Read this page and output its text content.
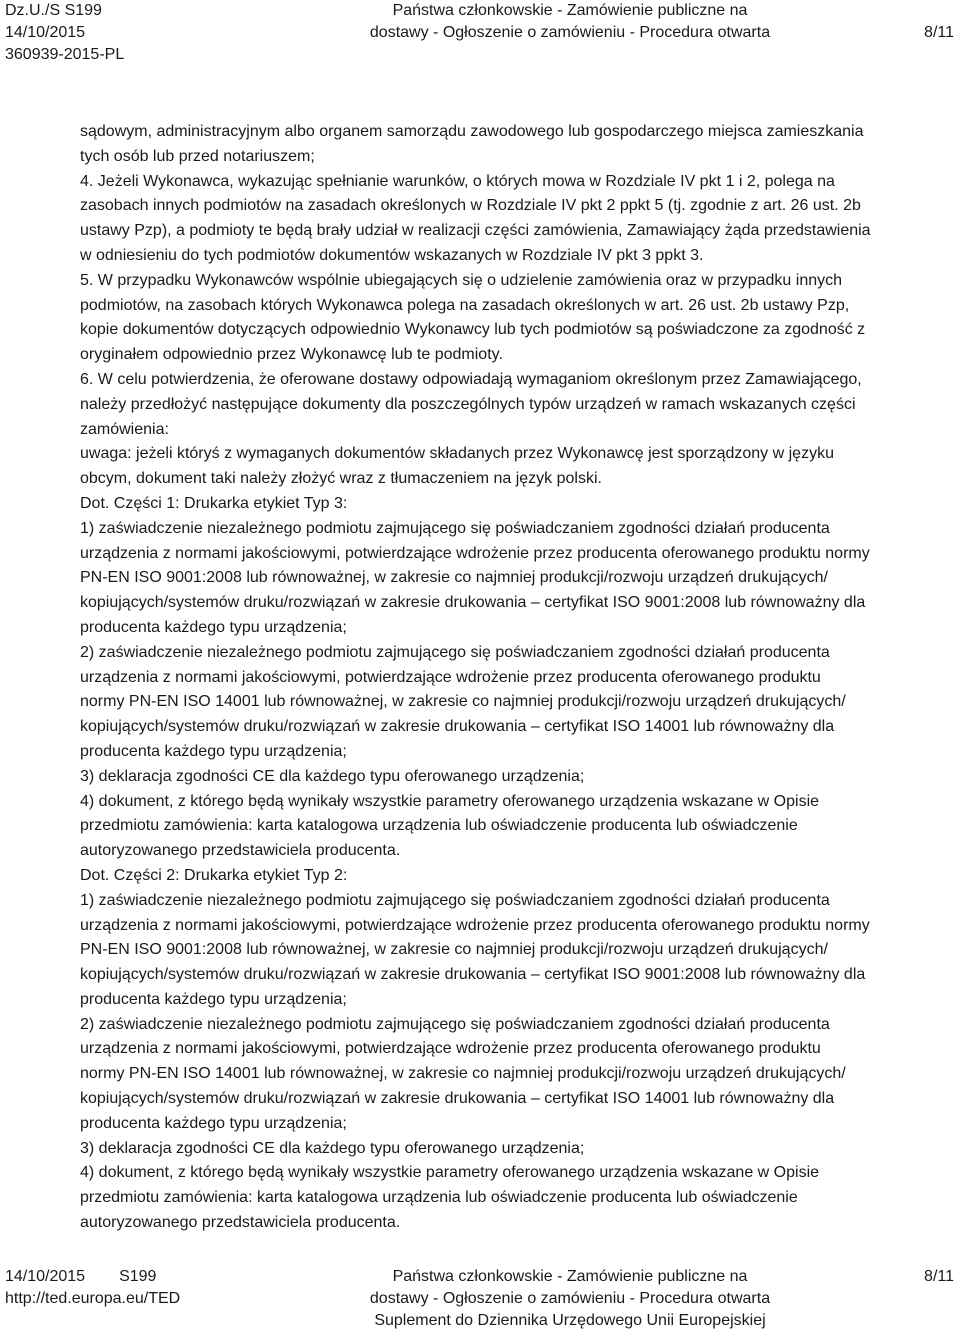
Dz.U./S S199
14/10/2015
360939-2015-PL
Państwa członkowskie - Zamówienie publiczne na
dostawy - Ogłoszenie o zamówieniu - Procedura otwarta
	8/11

sądowym, administracyjnym albo organem samorządu zawodowego lub gospodarczego miejsca zamieszkania

tych osób lub przed notariuszem;

4. Jeżeli Wykonawca, wykazując spełnianie warunków, o których mowa w Rozdziale IV pkt 1 i 2, polega na

zasobach innych podmiotów na zasadach określonych w Rozdziale IV pkt 2 ppkt 5 (tj. zgodnie z art. 26 ust. 2b

ustawy Pzp), a podmioty te będą brały udział w realizacji części zamówienia, Zamawiający żąda przedstawienia

w odniesieniu do tych podmiotów dokumentów wskazanych w Rozdziale IV pkt 3 ppkt 3.

5. W przypadku Wykonawców wspólnie ubiegających się o udzielenie zamówienia oraz w przypadku innych

podmiotów, na zasobach których Wykonawca polega na zasadach określonych w art. 26 ust. 2b ustawy Pzp,

kopie dokumentów dotyczących odpowiednio Wykonawcy lub tych podmiotów są poświadczone za zgodność z

oryginałem odpowiednio przez Wykonawcę lub te podmioty.

6. W celu potwierdzenia, że oferowane dostawy odpowiadają wymaganiom określonym przez Zamawiającego,

należy przedłożyć następujące dokumenty dla poszczególnych typów urządzeń w ramach wskazanych części

zamówienia:

uwaga: jeżeli któryś z wymaganych dokumentów składanych przez Wykonawcę jest sporządzony w języku

obcym, dokument taki należy złożyć wraz z tłumaczeniem na język polski.

Dot. Części 1: Drukarka etykiet Typ 3:

1) zaświadczenie niezależnego podmiotu zajmującego się poświadczaniem zgodności działań producenta

urządzenia z normami jakościowymi, potwierdzające wdrożenie przez producenta oferowanego produktu normy

PN-EN ISO 9001:2008 lub równoważnej, w zakresie co najmniej produkcji/rozwoju urządzeń drukujących/

kopiujących/systemów druku/rozwiązań w zakresie drukowania – certyfikat ISO 9001:2008 lub równoważny dla

producenta każdego typu urządzenia;

2) zaświadczenie niezależnego podmiotu zajmującego się poświadczaniem zgodności działań producenta

urządzenia z normami jakościowymi, potwierdzające wdrożenie przez producenta oferowanego produktu

normy PN-EN ISO 14001 lub równoważnej, w zakresie co najmniej produkcji/rozwoju urządzeń drukujących/

kopiujących/systemów druku/rozwiązań w zakresie drukowania – certyfikat ISO 14001 lub równoważny dla

producenta każdego typu urządzenia;

3) deklaracja zgodności CE dla każdego typu oferowanego urządzenia;

4) dokument, z którego będą wynikały wszystkie parametry oferowanego urządzenia wskazane w Opisie

przedmiotu zamówienia: karta katalogowa urządzenia lub oświadczenie producenta lub oświadczenie

autoryzowanego przedstawiciela producenta.

Dot. Części 2: Drukarka etykiet Typ 2:

1) zaświadczenie niezależnego podmiotu zajmującego się poświadczaniem zgodności działań producenta

urządzenia z normami jakościowymi, potwierdzające wdrożenie przez producenta oferowanego produktu normy

PN-EN ISO 9001:2008 lub równoważnej, w zakresie co najmniej produkcji/rozwoju urządzeń drukujących/

kopiujących/systemów druku/rozwiązań w zakresie drukowania – certyfikat ISO 9001:2008 lub równoważny dla

producenta każdego typu urządzenia;

2) zaświadczenie niezależnego podmiotu zajmującego się poświadczaniem zgodności działań producenta

urządzenia z normami jakościowymi, potwierdzające wdrożenie przez producenta oferowanego produktu

normy PN-EN ISO 14001 lub równoważnej, w zakresie co najmniej produkcji/rozwoju urządzeń drukujących/

kopiujących/systemów druku/rozwiązań w zakresie drukowania – certyfikat ISO 14001 lub równoważny dla

producenta każdego typu urządzenia;

3) deklaracja zgodności CE dla każdego typu oferowanego urządzenia;

4) dokument, z którego będą wynikały wszystkie parametry oferowanego urządzenia wskazane w Opisie

przedmiotu zamówienia: karta katalogowa urządzenia lub oświadczenie producenta lub oświadczenie

autoryzowanego przedstawiciela producenta.

14/10/2015 S199
http://ted.europa.eu/TED
Państwa członkowskie - Zamówienie publiczne na
dostawy - Ogłoszenie o zamówieniu - Procedura otwarta
Suplement do Dziennika Urzędowego Unii Europejskiej
8/11
